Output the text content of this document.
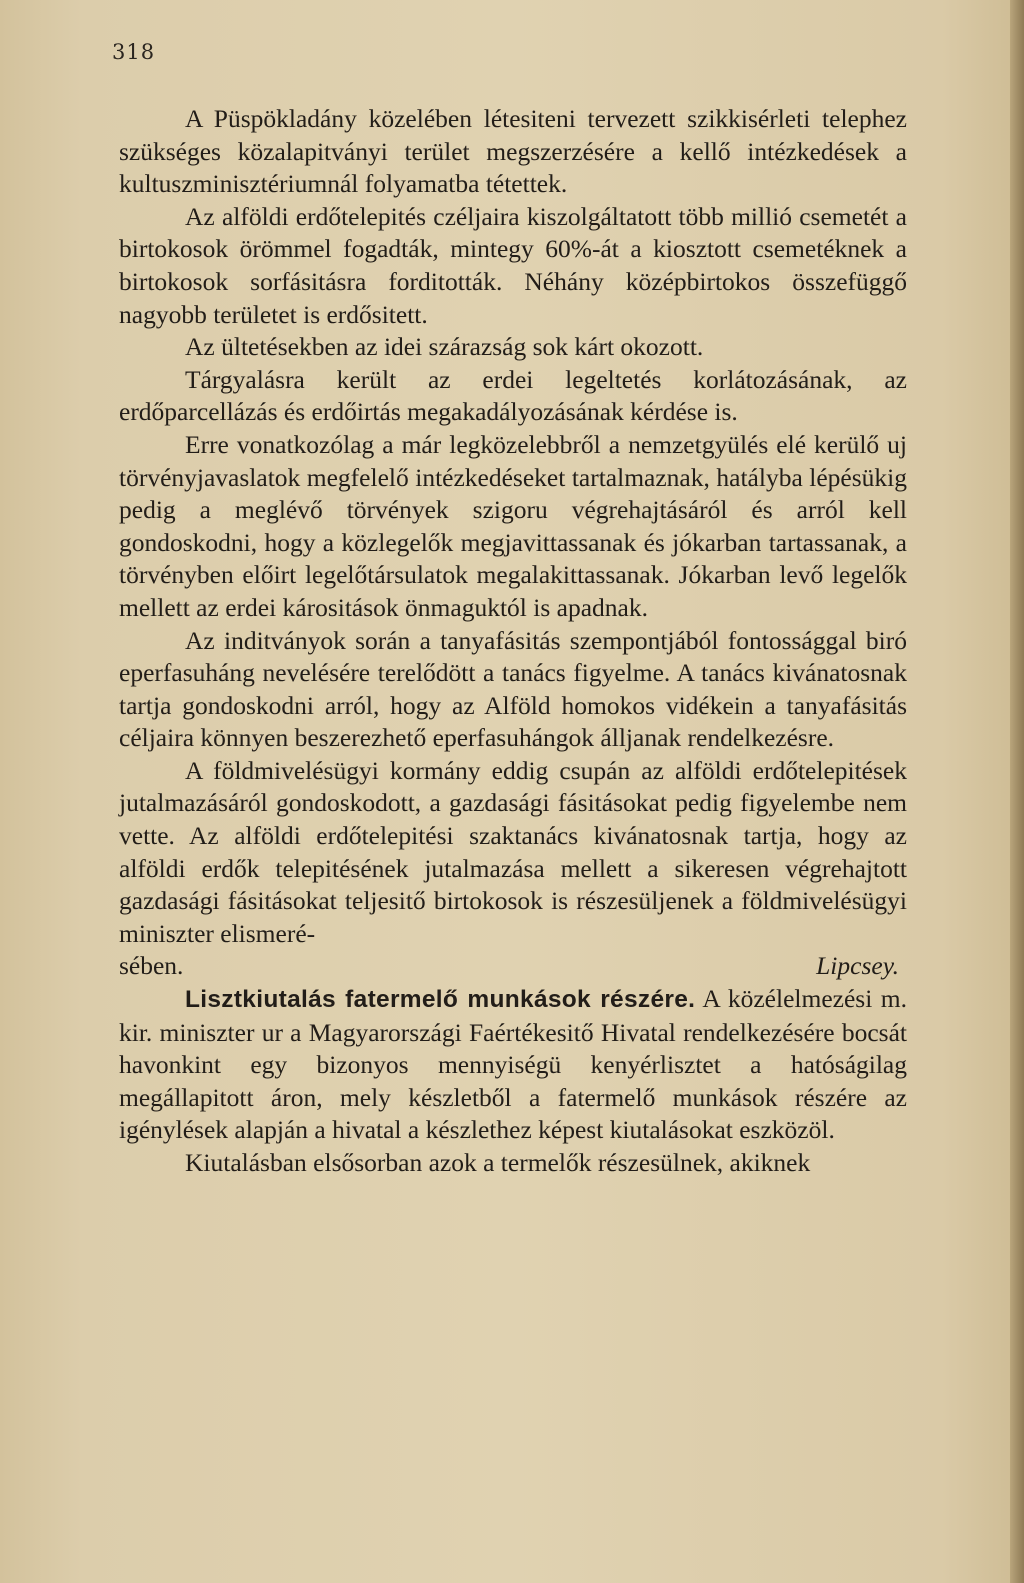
318

A Püspökladány közelében létesiteni tervezett szikkisérleti telephez szükséges közalapitványi terület megszerzésére a kellő intézkedések a kultuszminisztériumnál folyamatba tétettek.

Az alföldi erdőtelepités czéljaira kiszolgáltatott több millió csemetét a birtokosok örömmel fogadták, mintegy 60%-át a kiosztott csemetéknek a birtokosok sorfásitásra forditották. Néhány középbirtokos összefüggő nagyobb területet is erdősitett.

Az ültetésekben az idei szárazság sok kárt okozott.

Tárgyalásra került az erdei legeltetés korlátozásának, az erdőparcellázás és erdőirtás megakadályozásának kérdése is.

Erre vonatkozólag a már legközelebbről a nemzetgyülés elé kerülő uj törvényjavaslatok megfelelő intézkedéseket tartalmaznak, hatályba lépésükig pedig a meglévő törvények szigoru végrehajtásáról és arról kell gondoskodni, hogy a közlegelők megjavittassanak és jókarban tartassanak, a törvényben előirt legelőtársulatok megalakittassanak. Jókarban levő legelők mellett az erdei kárositások önmaguktól is apadnak.

Az inditványok során a tanyafásitás szempontjából fontossággal biró eperfasuháng nevelésére terelődött a tanács figyelme. A tanács kivánatosnak tartja gondoskodni arról, hogy az Alföld homokos vidékein a tanyafásitás céljaira könnyen beszerezhető eperfasuhángok álljanak rendelkezésre.

A földmivelésügyi kormány eddig csupán az alföldi erdőtelepitések jutalmazásáról gondoskodott, a gazdasági fásitásokat pedig figyelembe nem vette. Az alföldi erdőtelepitési szaktanács kivánatosnak tartja, hogy az alföldi erdők telepitésének jutalmazása mellett a sikeresen végrehajtott gazdasági fásitásokat teljesitő birtokosok is részesüljenek a földmivelésügyi miniszter elismeré-

sében.	Lipcsey.

Lisztkiutalás fatermelő munkások részére. A közélelmezési m. kir. miniszter ur a Magyarországi Faértékesitő Hivatal rendelkezésére bocsát havonkint egy bizonyos mennyiségü kenyérlisztet a hatóságilag megállapitott áron, mely készletből a fatermelő munkások részére az igénylések alapján a hivatal a készlethez képest kiutalásokat eszközöl.

Kiutalásban elsősorban azok a termelők részesülnek, akiknek
